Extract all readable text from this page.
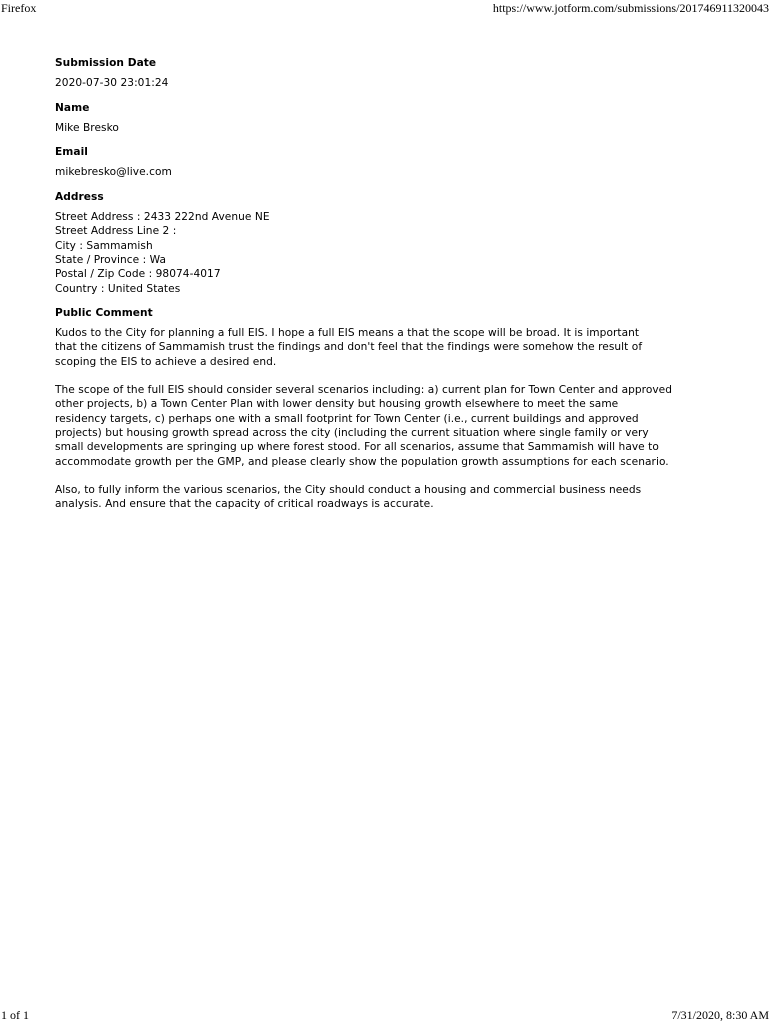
Firefox	https://www.jotform.com/submissions/201746911320043
Submission Date
2020-07-30 23:01:24
Name
Mike Bresko
Email
mikebresko@live.com
Address
Street Address : 2433 222nd Avenue NE
Street Address Line 2 :
City : Sammamish
State / Province : Wa
Postal / Zip Code : 98074-4017
Country : United States
Public Comment
Kudos to the City for planning a full EIS. I hope a full EIS means a that the scope will be broad. It is important
that the citizens of Sammamish trust the findings and don't feel that the findings were somehow the result of
scoping the EIS to achieve a desired end.
The scope of the full EIS should consider several scenarios including: a) current plan for Town Center and approved
other projects, b) a Town Center Plan with lower density but housing growth elsewhere to meet the same
residency targets, c) perhaps one with a small footprint for Town Center (i.e., current buildings and approved
projects) but housing growth spread across the city (including the current situation where single family or very
small developments are springing up where forest stood. For all scenarios, assume that Sammamish will have to
accommodate growth per the GMP, and please clearly show the population growth assumptions for each scenario.
Also, to fully inform the various scenarios, the City should conduct a housing and commercial business needs
analysis. And ensure that the capacity of critical roadways is accurate.
1 of 1	7/31/2020, 8:30 AM
